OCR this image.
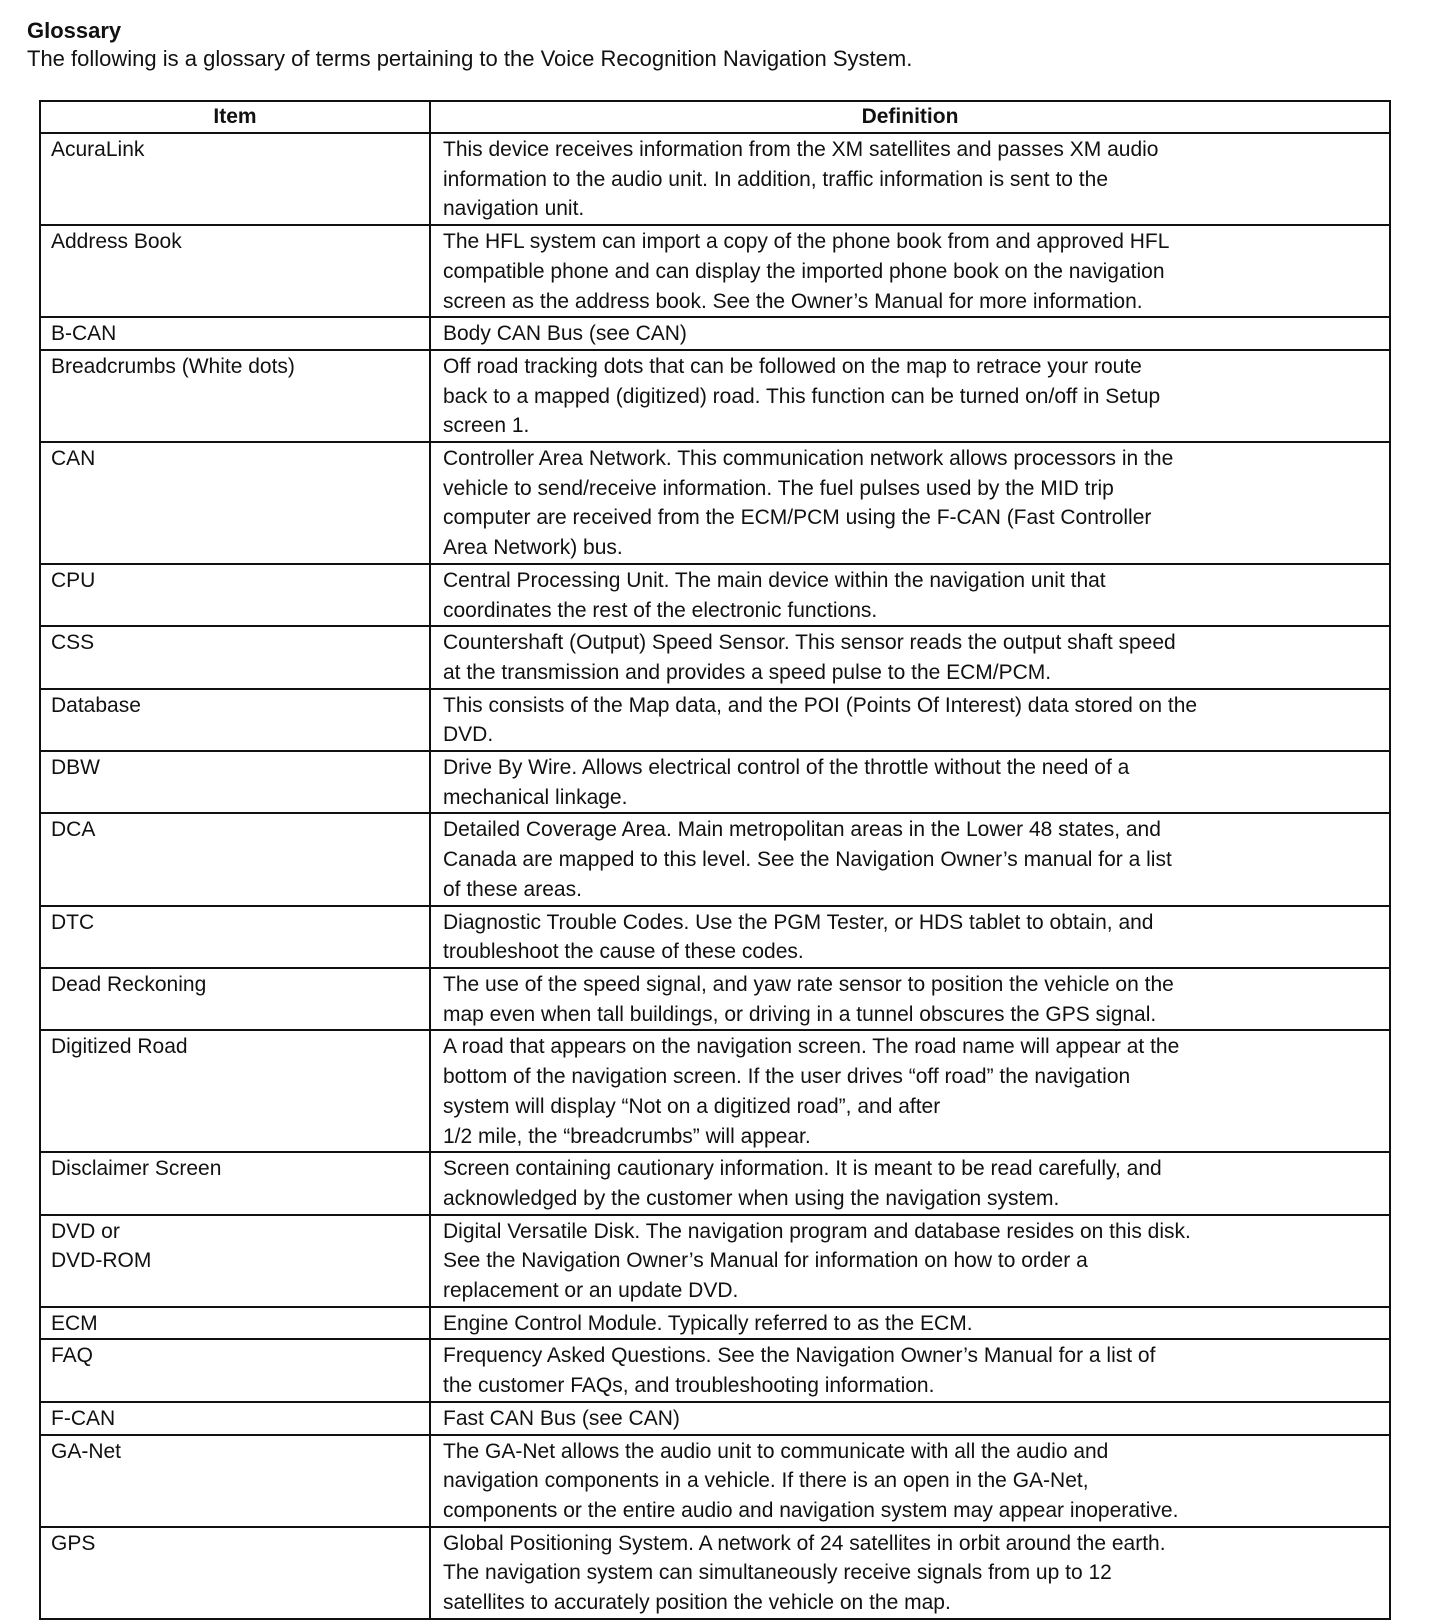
Glossary
The following is a glossary of terms pertaining to the Voice Recognition Navigation System.
Item	Definition
AcuraLink	This device receives information from the XM satellites and passes XM audio
information to the audio unit. In addition, traffic information is sent to the
navigation unit.
Address Book	The HFL system can import a copy of the phone book from and approved HFL
compatible phone and can display the imported phone book on the navigation
screen as the address book. See the Owner’s Manual for more information.
B-CAN	Body CAN Bus (see CAN)
Breadcrumbs (White dots)	Off road tracking dots that can be followed on the map to retrace your route
back to a mapped (digitized) road. This function can be turned on/off in Setup
screen 1.
CAN	Controller Area Network. This communication network allows processors in the
vehicle to send/receive information. The fuel pulses used by the MID trip
computer are received from the ECM/PCM using the F-CAN (Fast Controller
Area Network) bus.
CPU	Central Processing Unit. The main device within the navigation unit that
coordinates the rest of the electronic functions.
CSS	Countershaft (Output) Speed Sensor. This sensor reads the output shaft speed
at the transmission and provides a speed pulse to the ECM/PCM.
Database	This consists of the Map data, and the POI (Points Of Interest) data stored on the
DVD.
DBW	Drive By Wire. Allows electrical control of the throttle without the need of a
mechanical linkage.
DCA	Detailed Coverage Area. Main metropolitan areas in the Lower 48 states, and
Canada are mapped to this level. See the Navigation Owner’s manual for a list
of these areas.
DTC	Diagnostic Trouble Codes. Use the PGM Tester, or HDS tablet to obtain, and
troubleshoot the cause of these codes.
Dead Reckoning	The use of the speed signal, and yaw rate sensor to position the vehicle on the
map even when tall buildings, or driving in a tunnel obscures the GPS signal.
Digitized Road	A road that appears on the navigation screen. The road name will appear at the
bottom of the navigation screen. If the user drives “off road” the navigation
system will display “Not on a digitized road”, and after
1/2 mile, the “breadcrumbs” will appear.
Disclaimer Screen	Screen containing cautionary information. It is meant to be read carefully, and
acknowledged by the customer when using the navigation system.
DVD or
DVD-ROM	Digital Versatile Disk. The navigation program and database resides on this disk.
See the Navigation Owner’s Manual for information on how to order a
replacement or an update DVD.
ECM	Engine Control Module. Typically referred to as the ECM.
FAQ	Frequency Asked Questions. See the Navigation Owner’s Manual for a list of
the customer FAQs, and troubleshooting information.
F-CAN	Fast CAN Bus (see CAN)
GA-Net	The GA-Net allows the audio unit to communicate with all the audio and
navigation components in a vehicle. If there is an open in the GA-Net,
components or the entire audio and navigation system may appear inoperative.
GPS	Global Positioning System. A network of 24 satellites in orbit around the earth.
The navigation system can simultaneously receive signals from up to 12
satellites to accurately position the vehicle on the map.
